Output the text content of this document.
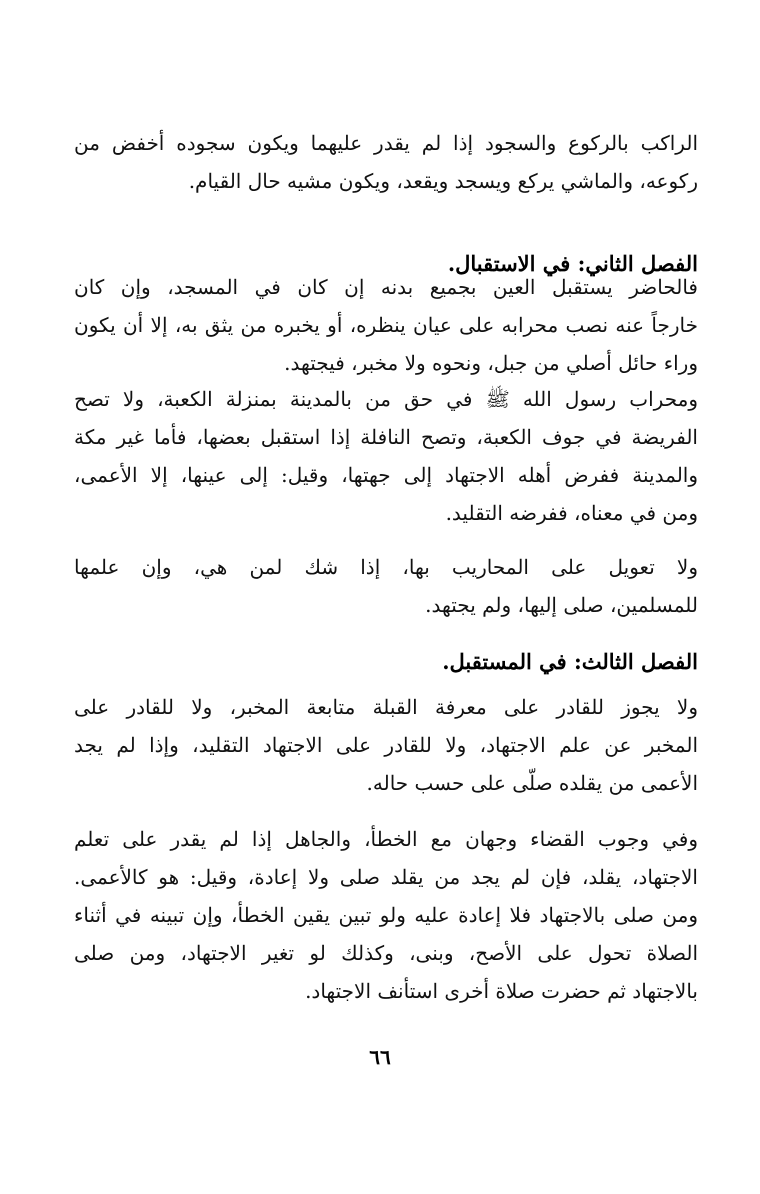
الراكب بالركوع والسجود إذا لم يقدر عليهما ويكون سجوده أخفض من
ركوعه، والماشي يركع ويسجد ويقعد، ويكون مشيه حال القيام.
الفصل الثاني: في الاستقبال.
فالحاضر يستقبل العين بجميع بدنه إن كان في المسجد، وإن كان
خارجاً عنه نصب محرابه على عيان ينظره، أو يخبره من يثق به، إلا أن يكون
وراء حائل أصلي من جبل، ونحوه ولا مخبر، فيجتهد.
ومحراب رسول الله ﷺ في حق من بالمدينة بمنزلة الكعبة، ولا تصح
الفريضة في جوف الكعبة، وتصح النافلة إذا استقبل بعضها، فأما غير مكة
والمدينة ففرض أهله الاجتهاد إلى جهتها، وقيل: إلى عينها، إلا الأعمى،
ومن في معناه، ففرضه التقليد.
ولا تعويل على المحاريب بها، إذا شك لمن هي، وإن علمها
للمسلمين، صلى إليها، ولم يجتهد.
الفصل الثالث: في المستقبل.
ولا يجوز للقادر على معرفة القبلة متابعة المخبر، ولا للقادر على
المخبر عن علم الاجتهاد، ولا للقادر على الاجتهاد التقليد، وإذا لم يجد
الأعمى من يقلده صلّى على حسب حاله.
وفي وجوب القضاء وجهان مع الخطأ، والجاهل إذا لم يقدر على تعلم
الاجتهاد، يقلد، فإن لم يجد من يقلد صلى ولا إعادة، وقيل: هو كالأعمى.
ومن صلى بالاجتهاد فلا إعادة عليه ولو تبين يقين الخطأ، وإن تبينه في أثناء
الصلاة تحول على الأصح، وبنى، وكذلك لو تغير الاجتهاد، ومن صلى
بالاجتهاد ثم حضرت صلاة أخرى استأنف الاجتهاد.
٦٦
